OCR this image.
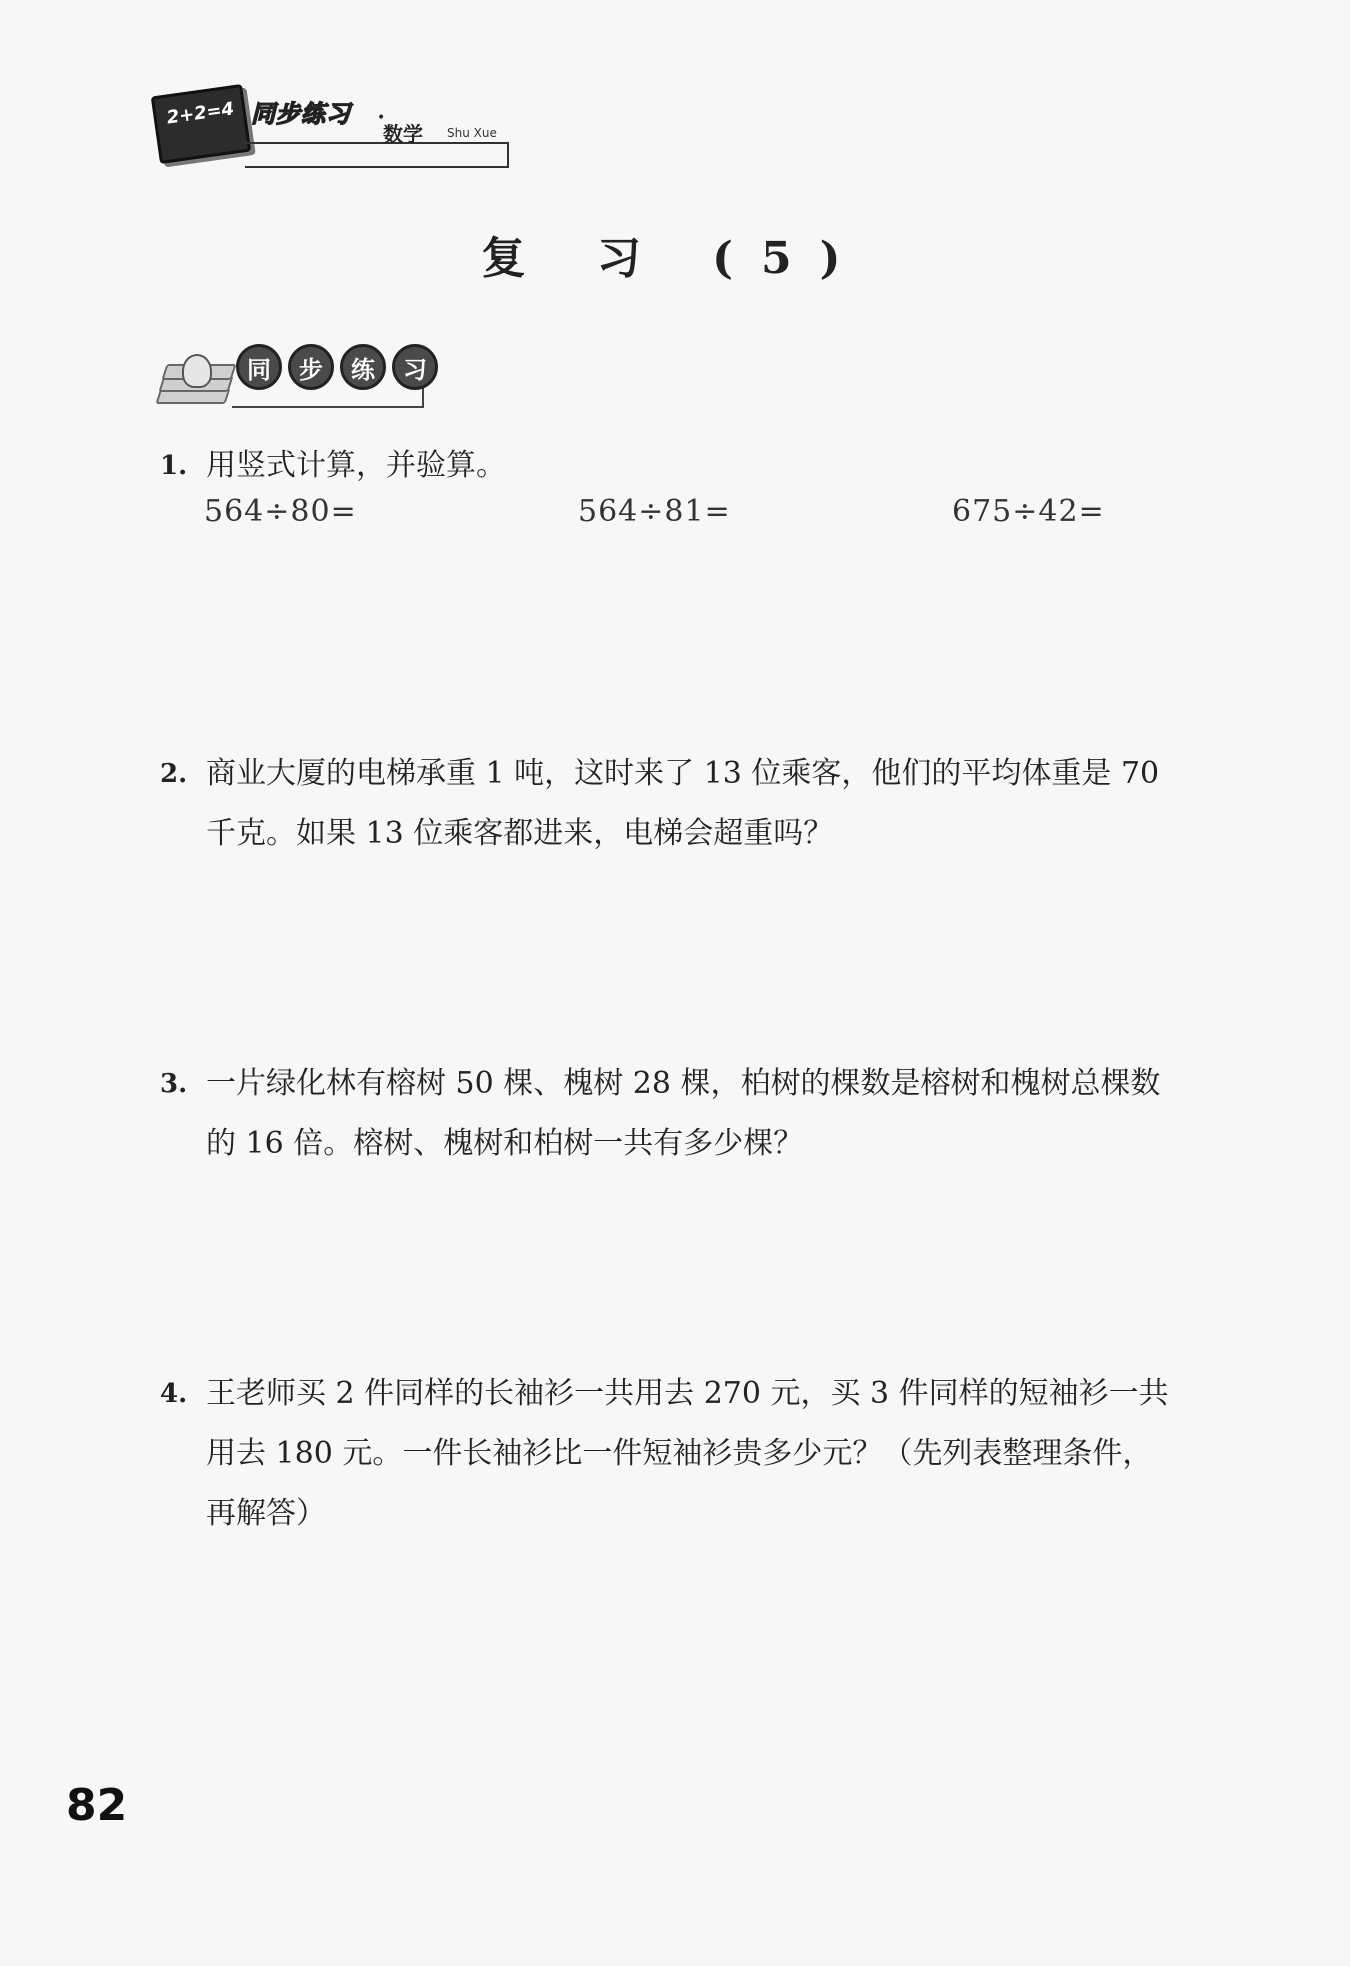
2+2=4 同步练习 •
数学 Shu Xue
复 习 (5)
同	步	练	习
1. 用竖式计算，并验算。
564÷80=	564÷81=	675÷42=
2. 商业大厦的电梯承重 1 吨，这时来了 13 位乘客，他们的平均体重是 70
千克。如果 13 位乘客都进来，电梯会超重吗？
3. 一片绿化林有榕树 50 棵、槐树 28 棵，柏树的棵数是榕树和槐树总棵数
的 16 倍。榕树、槐树和柏树一共有多少棵？
4. 王老师买 2 件同样的长袖衫一共用去 270 元，买 3 件同样的短袖衫一共
用去 180 元。一件长袖衫比一件短袖衫贵多少元？（先列表整理条件，
再解答）
82
